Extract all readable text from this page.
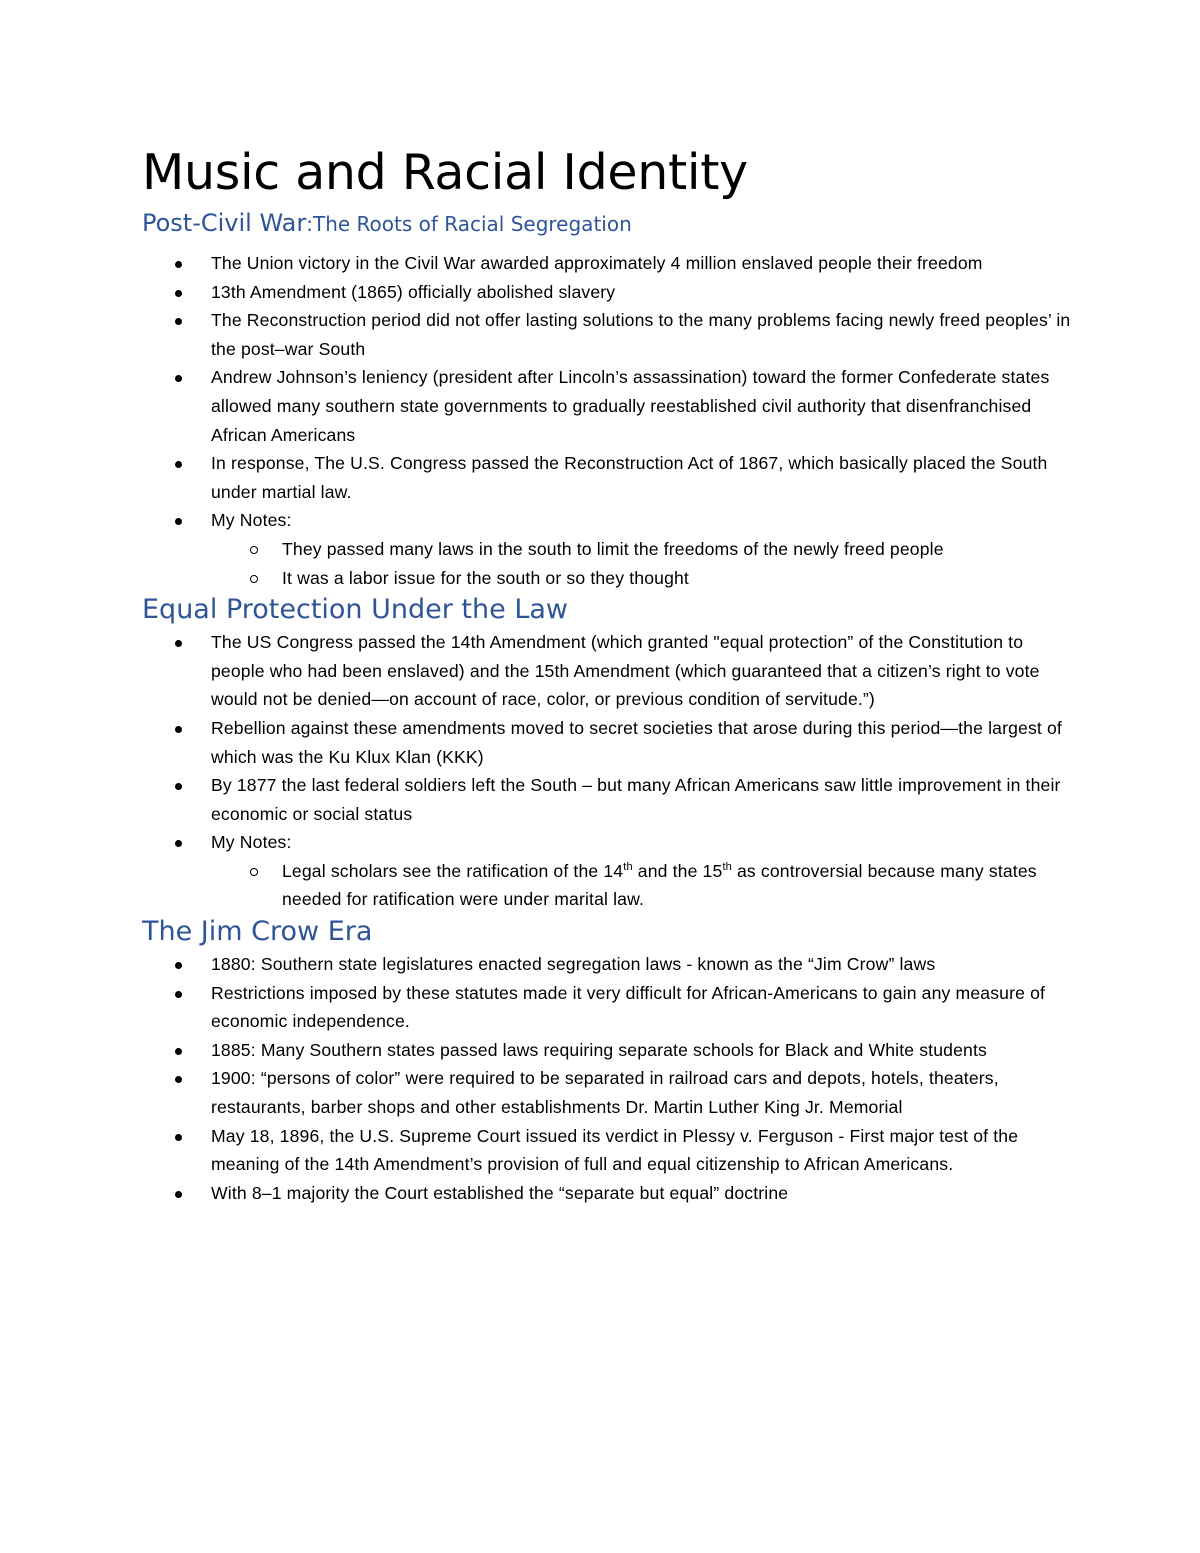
Music and Racial Identity
Post-Civil War:The Roots of Racial Segregation
The Union victory in the Civil War awarded approximately 4 million enslaved people their freedom
13th Amendment (1865) officially abolished slavery
The Reconstruction period did not offer lasting solutions to the many problems facing newly freed peoples’ in the post–war South
Andrew Johnson’s leniency (president after Lincoln’s assassination) toward the former Confederate states allowed many southern state governments to gradually reestablished civil authority that disenfranchised African Americans
In response, The U.S. Congress passed the Reconstruction Act of 1867, which basically placed the South under martial law.
My Notes:
They passed many laws in the south to limit the freedoms of the newly freed people
It was a labor issue for the south or so they thought
Equal Protection Under the Law
The US Congress passed the 14th Amendment (which granted "equal protection” of the Constitution to people who had been enslaved) and the 15th Amendment (which guaranteed that a citizen’s right to vote would not be denied—on account of race, color, or previous condition of servitude.”)
Rebellion against these amendments moved to secret societies that arose during this period—the largest of which was the Ku Klux Klan (KKK)
By 1877 the last federal soldiers left the South – but many African Americans saw little improvement in their economic or social status
My Notes:
Legal scholars see the ratification of the 14th and the 15th as controversial because many states needed for ratification were under marital law.
The Jim Crow Era
1880: Southern state legislatures enacted segregation laws - known as the “Jim Crow” laws
Restrictions imposed by these statutes made it very difficult for African-Americans to gain any measure of economic independence.
1885: Many Southern states passed laws requiring separate schools for Black and White students
1900: “persons of color” were required to be separated in railroad cars and depots, hotels, theaters, restaurants, barber shops and other establishments Dr. Martin Luther King Jr. Memorial
May 18, 1896, the U.S. Supreme Court issued its verdict in Plessy v. Ferguson - First major test of the meaning of the 14th Amendment’s provision of full and equal citizenship to African Americans.
With 8–1 majority the Court established the “separate but equal” doctrine
